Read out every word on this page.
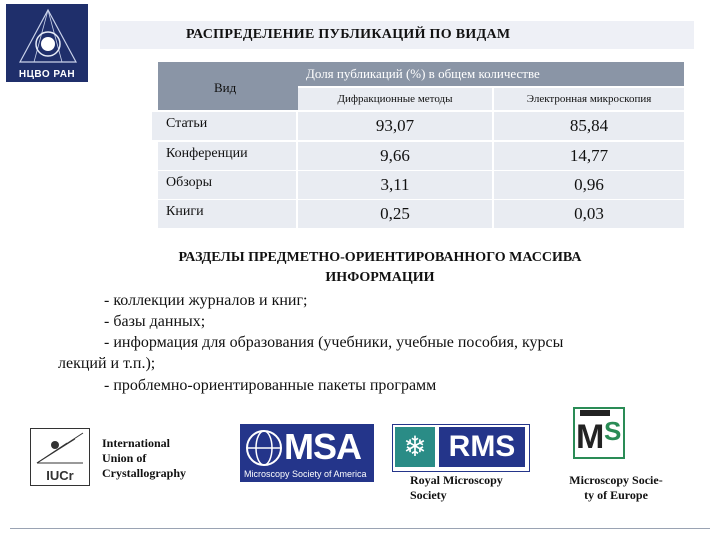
НЦВО РАН
РАСПРЕДЕЛЕНИЕ ПУБЛИКАЦИЙ ПО ВИДАМ
Вид
Доля публикаций (%) в общем количестве
Дифракционные методы	Электронная микроскопия
Статьи	93,07	85,84
Конференции	9,66	14,77
Обзоры	3,11	0,96
Книги	0,25	0,03
РАЗДЕЛЫ ПРЕДМЕТНО-ОРИЕНТИРОВАННОГО МАССИВА
ИНФОРМАЦИИ
- коллекции журналов и книг;
- базы данных;
- информация для образования (учебники, учебные пособия, курсы
лекций и т.п.);
- проблемно-ориентированные пакеты программ
IUCr
International
Union of
Crystallography
MSA
Microscopy Society of America
❄ RMS
Royal Microscopy
Society
M S
Microscopy Socie-
ty of Europe
